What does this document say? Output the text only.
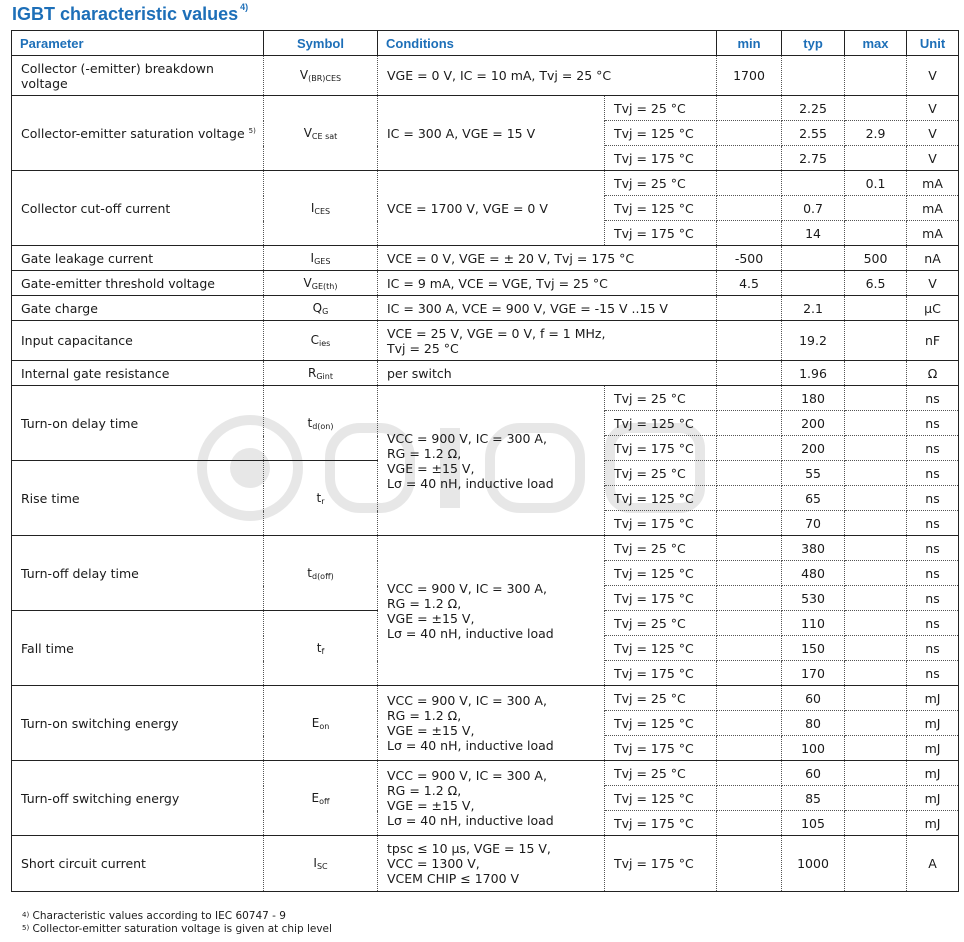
IGBT characteristic values $^{4)}$
Parameter	Symbol	Conditions		min	typ	max	Unit
Collector (-emitter) breakdown voltage	$V_{(BR)CES}$	VGE = 0 V, IC = 10 mA, Tvj = 25 °C		1700			V
Collector-emitter saturation voltage $^{5)}$	$V_{CE sat}$	IC = 300 A, VGE = 15 V	Tvj = 25 °C		2.25		V
			Tvj = 125 °C		2.55	2.9	V
			Tvj = 175 °C		2.75		V
Collector cut-off current	$I_{CES}$	VCE = 1700 V, VGE = 0 V	Tvj = 25 °C			0.1	mA
			Tvj = 125 °C		0.7		mA
			Tvj = 175 °C		14		mA
Gate leakage current	$I_{GES}$	VCE = 0 V, VGE = ± 20 V, Tvj = 175 °C		-500		500	nA
Gate-emitter threshold voltage	$V_{GE(th)}$	IC = 9 mA, VCE = VGE, Tvj = 25 °C		4.5		6.5	V
Gate charge	$Q_G$	IC = 300 A, VCE = 900 V, VGE = -15 V ..15 V			2.1		µC
Input capacitance	$C_{ies}$	VCE = 25 V, VGE = 0 V, f = 1 MHz,
Tvj = 25 °C			19.2		nF
Internal gate resistance	$R_{Gint}$	per switch			1.96		Ω
Turn-on delay time	$t_{d(on)}$	VCC = 900 V, IC = 300 A,
RG = 1.2 Ω,
VGE = ±15 V,
Lσ = 40 nH, inductive load	Tvj = 25 °C		180		ns
			Tvj = 125 °C		200		ns
			Tvj = 175 °C		200		ns
Rise time	$t_r$		Tvj = 25 °C		55		ns
			Tvj = 125 °C		65		ns
			Tvj = 175 °C		70		ns
Turn-off delay time	$t_{d(off)}$	VCC = 900 V, IC = 300 A,
RG = 1.2 Ω,
VGE = ±15 V,
Lσ = 40 nH, inductive load	Tvj = 25 °C		380		ns
			Tvj = 125 °C		480		ns
			Tvj = 175 °C		530		ns
Fall time	$t_f$		Tvj = 25 °C		110		ns
			Tvj = 125 °C		150		ns
			Tvj = 175 °C		170		ns
Turn-on switching energy	$E_{on}$	VCC = 900 V, IC = 300 A,
RG = 1.2 Ω,
VGE = ±15 V,
Lσ = 40 nH, inductive load	Tvj = 25 °C		60		mJ
			Tvj = 125 °C		80		mJ
			Tvj = 175 °C		100		mJ
Turn-off switching energy	$E_{off}$	VCC = 900 V, IC = 300 A,
RG = 1.2 Ω,
VGE = ±15 V,
Lσ = 40 nH, inductive load	Tvj = 25 °C		60		mJ
			Tvj = 125 °C		85		mJ
			Tvj = 175 °C		105		mJ
Short circuit current	$I_{SC}$	tpsc ≤ 10 µs, VGE = 15 V,
VCC = 1300 V,
VCEM CHIP ≤ 1700 V	Tvj = 175 °C		1000		A
$^{4)}$ Characteristic values according to IEC 60747 - 9
$^{5)}$ Collector-emitter saturation voltage is given at chip level
